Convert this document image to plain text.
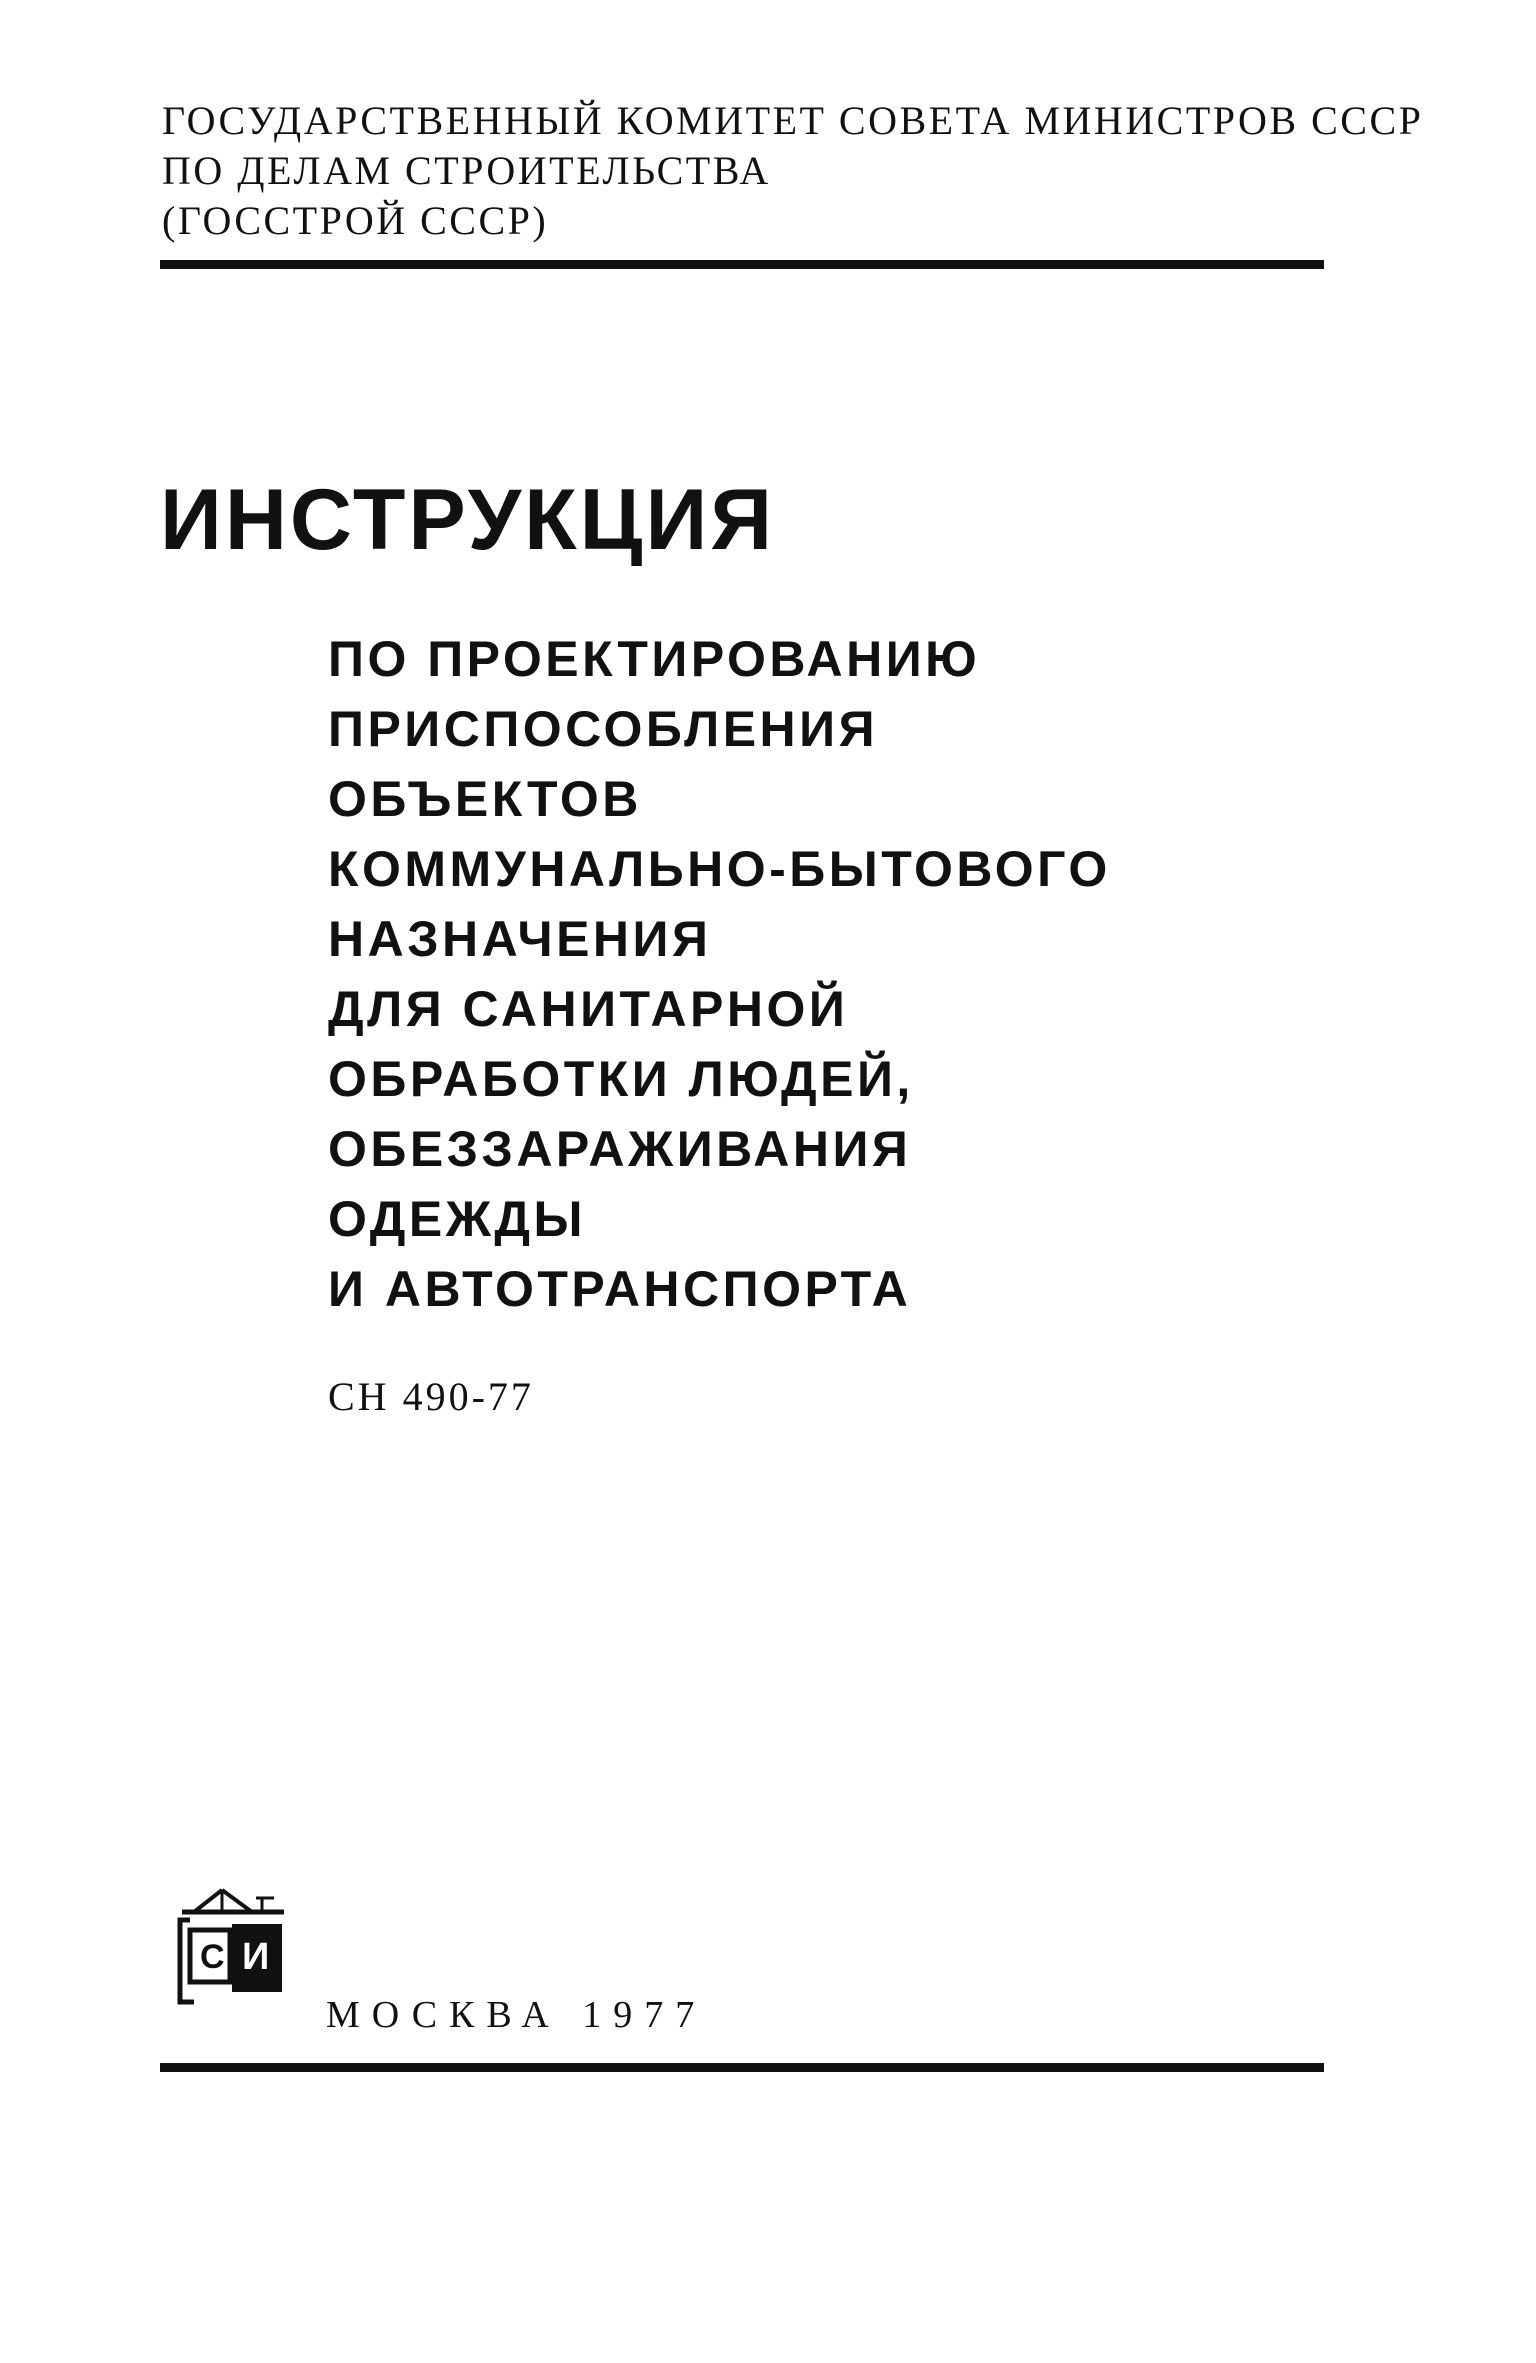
ГОСУДАРСТВЕННЫЙ КОМИТЕТ СОВЕТА МИНИСТРОВ СССР
ПО ДЕЛАМ СТРОИТЕЛЬСТВА
(ГОССТРОЙ СССР)
ИНСТРУКЦИЯ
ПО ПРОЕКТИРОВАНИЮ
ПРИСПОСОБЛЕНИЯ
ОБЪЕКТОВ
КОММУНАЛЬНО-БЫТОВОГО
НАЗНАЧЕНИЯ
ДЛЯ САНИТАРНОЙ
ОБРАБОТКИ ЛЮДЕЙ,
ОБЕЗЗАРАЖИВАНИЯ
ОДЕЖДЫ
И АВТОТРАНСПОРТА
СН 490-77
С И
МОСКВА 1977
